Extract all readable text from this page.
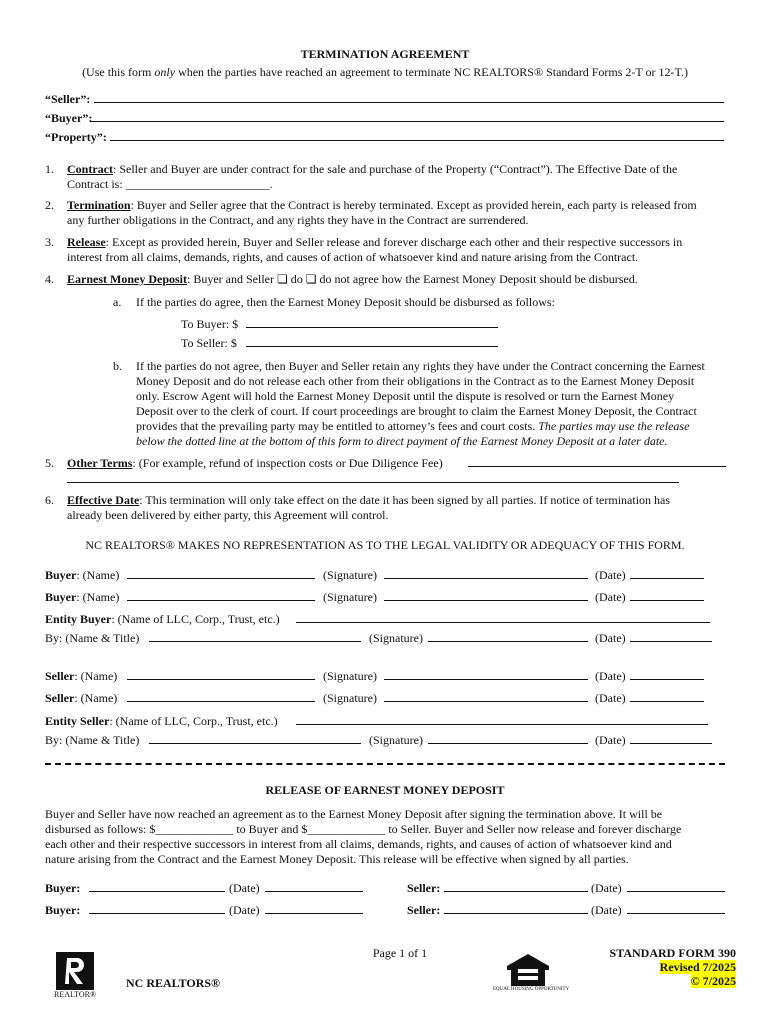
TERMINATION AGREEMENT
(Use this form only when the parties have reached an agreement to terminate NC REALTORS® Standard Forms 2-T or 12-T.)
“Seller”:
“Buyer”:
“Property”:
1. Contract: Seller and Buyer are under contract for the sale and purchase of the Property (“Contract”). The Effective Date of the
Contract is: ________________________.
2. Termination: Buyer and Seller agree that the Contract is hereby terminated. Except as provided herein, each party is released from
any further obligations in the Contract, and any rights they have in the Contract are surrendered.
3. Release: Except as provided herein, Buyer and Seller release and forever discharge each other and their respective successors in
interest from all claims, demands, rights, and causes of action of whatsoever kind and nature arising from the Contract.
4. Earnest Money Deposit: Buyer and Seller ❏ do ❏ do not agree how the Earnest Money Deposit should be disbursed.
a. If the parties do agree, then the Earnest Money Deposit should be disbursed as follows:
To Buyer: $
To Seller: $
b. If the parties do not agree, then Buyer and Seller retain any rights they have under the Contract concerning the Earnest
Money Deposit and do not release each other from their obligations in the Contract as to the Earnest Money Deposit
only. Escrow Agent will hold the Earnest Money Deposit until the dispute is resolved or turn the Earnest Money
Deposit over to the clerk of court. If court proceedings are brought to claim the Earnest Money Deposit, the Contract
provides that the prevailing party may be entitled to attorney’s fees and court costs. The parties may use the release
below the dotted line at the bottom of this form to direct payment of the Earnest Money Deposit at a later date.
5. Other Terms: (For example, refund of inspection costs or Due Diligence Fee)
6. Effective Date: This termination will only take effect on the date it has been signed by all parties. If notice of termination has
already been delivered by either party, this Agreement will control.
NC REALTORS® MAKES NO REPRESENTATION AS TO THE LEGAL VALIDITY OR ADEQUACY OF THIS FORM.
Buyer: (Name)	(Signature)	(Date)
Buyer: (Name)	(Signature)	(Date)
Entity Buyer: (Name of LLC, Corp., Trust, etc.)
By: (Name & Title)	(Signature)	(Date)
Seller: (Name)	(Signature)	(Date)
Seller: (Name)	(Signature)	(Date)
Entity Seller: (Name of LLC, Corp., Trust, etc.)
By: (Name & Title)	(Signature)	(Date)
RELEASE OF EARNEST MONEY DEPOSIT
Buyer and Seller have now reached an agreement as to the Earnest Money Deposit after signing the termination above. It will be
disbursed as follows: $_____________ to Buyer and $_____________ to Seller. Buyer and Seller now release and forever discharge
each other and their respective successors in interest from all claims, demands, rights, and causes of action of whatsoever kind and
nature arising from the Contract and the Earnest Money Deposit. This release will be effective when signed by all parties.
Buyer:	(Date)	Seller:	(Date)
Buyer:	(Date)	Seller:	(Date)
REALTOR®
NC REALTORS®
Page 1 of 1
EQUAL HOUSING OPPORTUNITY
STANDARD FORM 390
Revised 7/2025
© 7/2025
